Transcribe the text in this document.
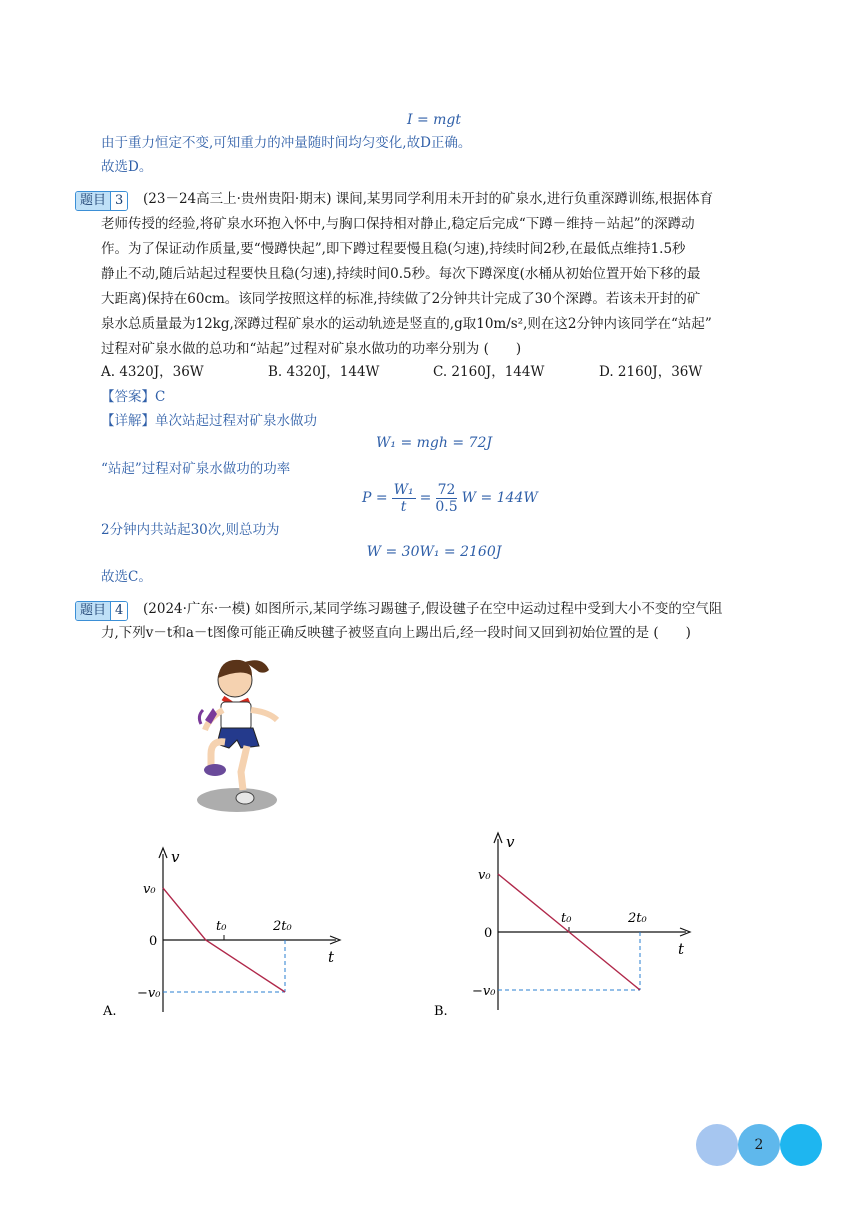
I = mgt
由于重力恒定不变,可知重力的冲量随时间均匀变化,故D正确。
故选D。
题目 3 (23－24高三上·贵州贵阳·期末) 课间,某男同学利用未开封的矿泉水,进行负重深蹲训练,根据体育
老师传授的经验,将矿泉水环抱入怀中,与胸口保持相对静止,稳定后完成“下蹲－维持－站起”的深蹲动
作。为了保证动作质量,要“慢蹲快起”,即下蹲过程要慢且稳(匀速),持续时间2秒,在最低点维持1.5秒
静止不动,随后站起过程要快且稳(匀速),持续时间0.5秒。每次下蹲深度(水桶从初始位置开始下移的最
大距离)保持在60cm。该同学按照这样的标准,持续做了2分钟共计完成了30个深蹲。若该未开封的矿
泉水总质量最为12kg,深蹲过程矿泉水的运动轨迹是竖直的,g取10m/s²,则在这2分钟内该同学在“站起”
过程对矿泉水做的总功和“站起”过程对矿泉水做功的功率分别为 (　　)
A. 4320J，36W	B. 4320J，144W	C. 2160J，144W	D. 2160J，36W
【答案】C
【详解】单次站起过程对矿泉水做功
W₁ = mgh = 72J
“站起”过程对矿泉水做功的功率
$P = \frac{\text{W₁}}{t} = \frac{72}{0.5}$ W = 144W
2分钟内共站起30次,则总功为
W = 30W₁ = 2160J
故选C。
题目 4 (2024·广东·一模) 如图所示,某同学练习踢毽子,假设毽子在空中运动过程中受到大小不变的空气阻
力,下列v－t和a－t图像可能正确反映毽子被竖直向上踢出后,经一段时间又回到初始位置的是 (　　)
v
t
v₀
0
−v₀
t₀	2t₀
A.
v
t
v₀
0
−v₀
t₀	2t₀
B.
2
